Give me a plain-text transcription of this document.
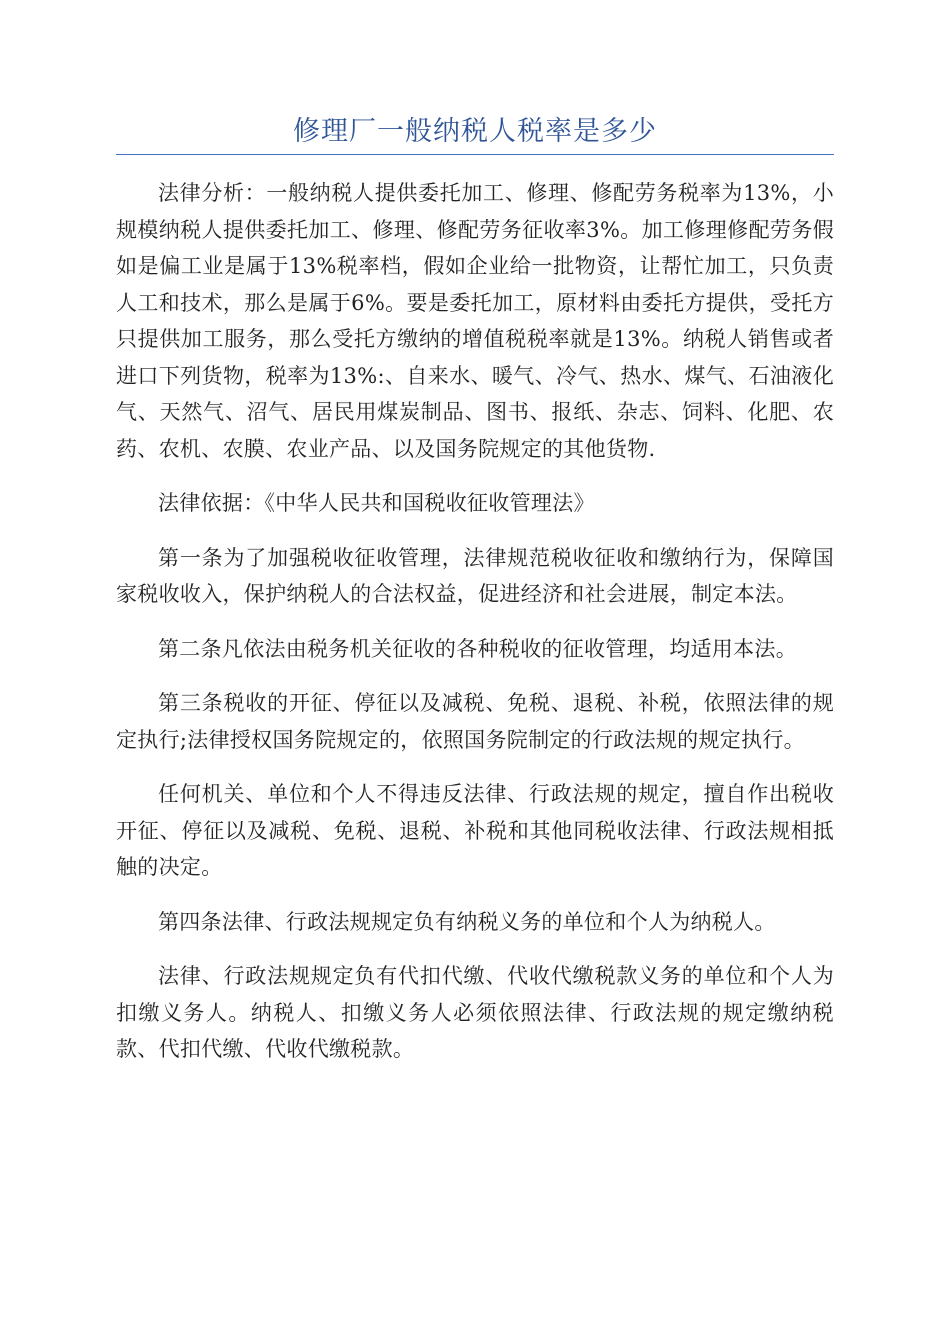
修理厂一般纳税人税率是多少

法律分析：一般纳税人提供委托加工、修理、修配劳务税率为13%，小规模纳税人提供委托加工、修理、修配劳务征收率3%。加工修理修配劳务假如是偏工业是属于13%税率档，假如企业给一批物资，让帮忙加工，只负责人工和技术，那么是属于6%。要是委托加工，原材料由委托方提供，受托方只提供加工服务，那么受托方缴纳的增值税税率就是13%。纳税人销售或者进口下列货物，税率为13%:、自来水、暖气、冷气、热水、煤气、石油液化气、天然气、沼气、居民用煤炭制品、图书、报纸、杂志、饲料、化肥、农药、农机、农膜、农业产品、以及国务院规定的其他货物.

法律依据：《中华人民共和国税收征收管理法》

第一条为了加强税收征收管理，法律规范税收征收和缴纳行为，保障国家税收收入，保护纳税人的合法权益，促进经济和社会进展，制定本法。

第二条凡依法由税务机关征收的各种税收的征收管理，均适用本法。

第三条税收的开征、停征以及减税、免税、退税、补税，依照法律的规定执行;法律授权国务院规定的，依照国务院制定的行政法规的规定执行。

任何机关、单位和个人不得违反法律、行政法规的规定，擅自作出税收开征、停征以及减税、免税、退税、补税和其他同税收法律、行政法规相抵触的决定。

第四条法律、行政法规规定负有纳税义务的单位和个人为纳税人。

法律、行政法规规定负有代扣代缴、代收代缴税款义务的单位和个人为扣缴义务人。纳税人、扣缴义务人必须依照法律、行政法规的规定缴纳税款、代扣代缴、代收代缴税款。
